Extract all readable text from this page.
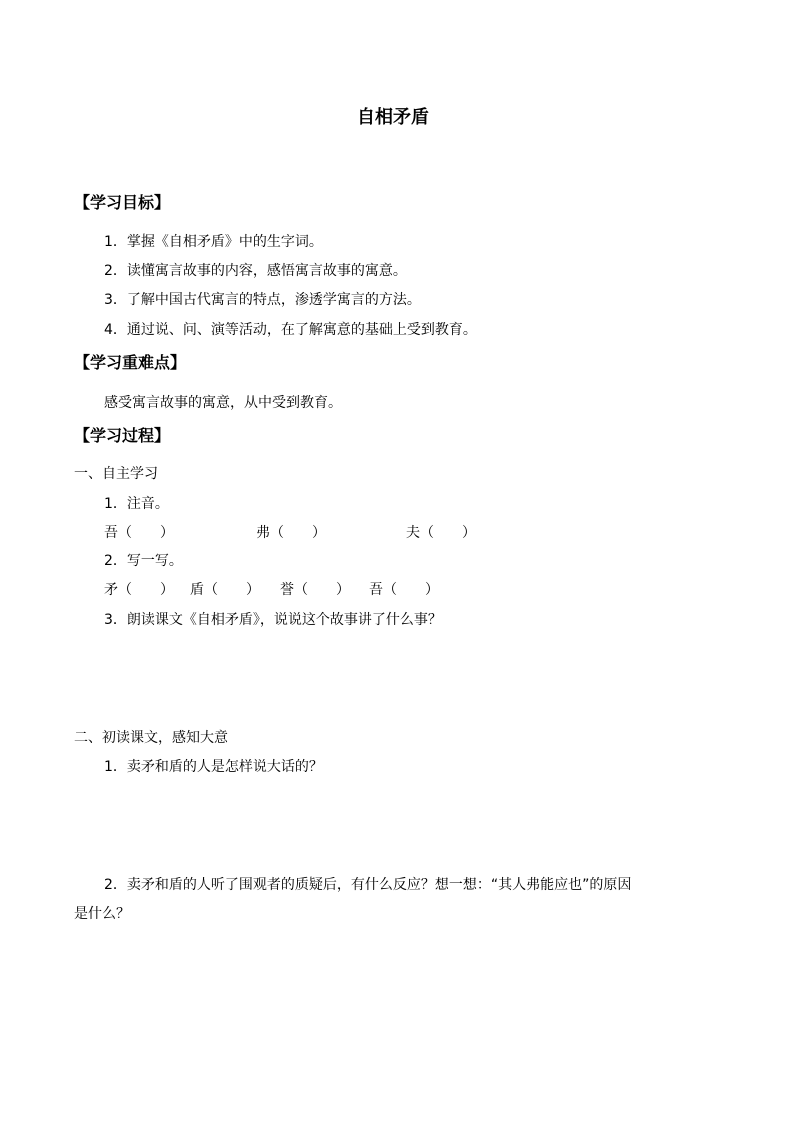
自相矛盾
【学习目标】
1．掌握《自相矛盾》中的生字词。
2．读懂寓言故事的内容，感悟寓言故事的寓意。
3．了解中国古代寓言的特点，渗透学寓言的方法。
4．通过说、问、演等活动，在了解寓意的基础上受到教育。
【学习重难点】
感受寓言故事的寓意，从中受到教育。
【学习过程】
一、自主学习
1．注音。
吾（　　）	弗（　　）	夫（　　）
2．写一写。
矛（　　） 盾（　　） 誉（　　） 吾（　　）
3．朗读课文《自相矛盾》，说说这个故事讲了什么事？
二、初读课文，感知大意
1．卖矛和盾的人是怎样说大话的？
2．卖矛和盾的人听了围观者的质疑后，有什么反应？想一想：“其人弗能应也”的原因
是什么？
